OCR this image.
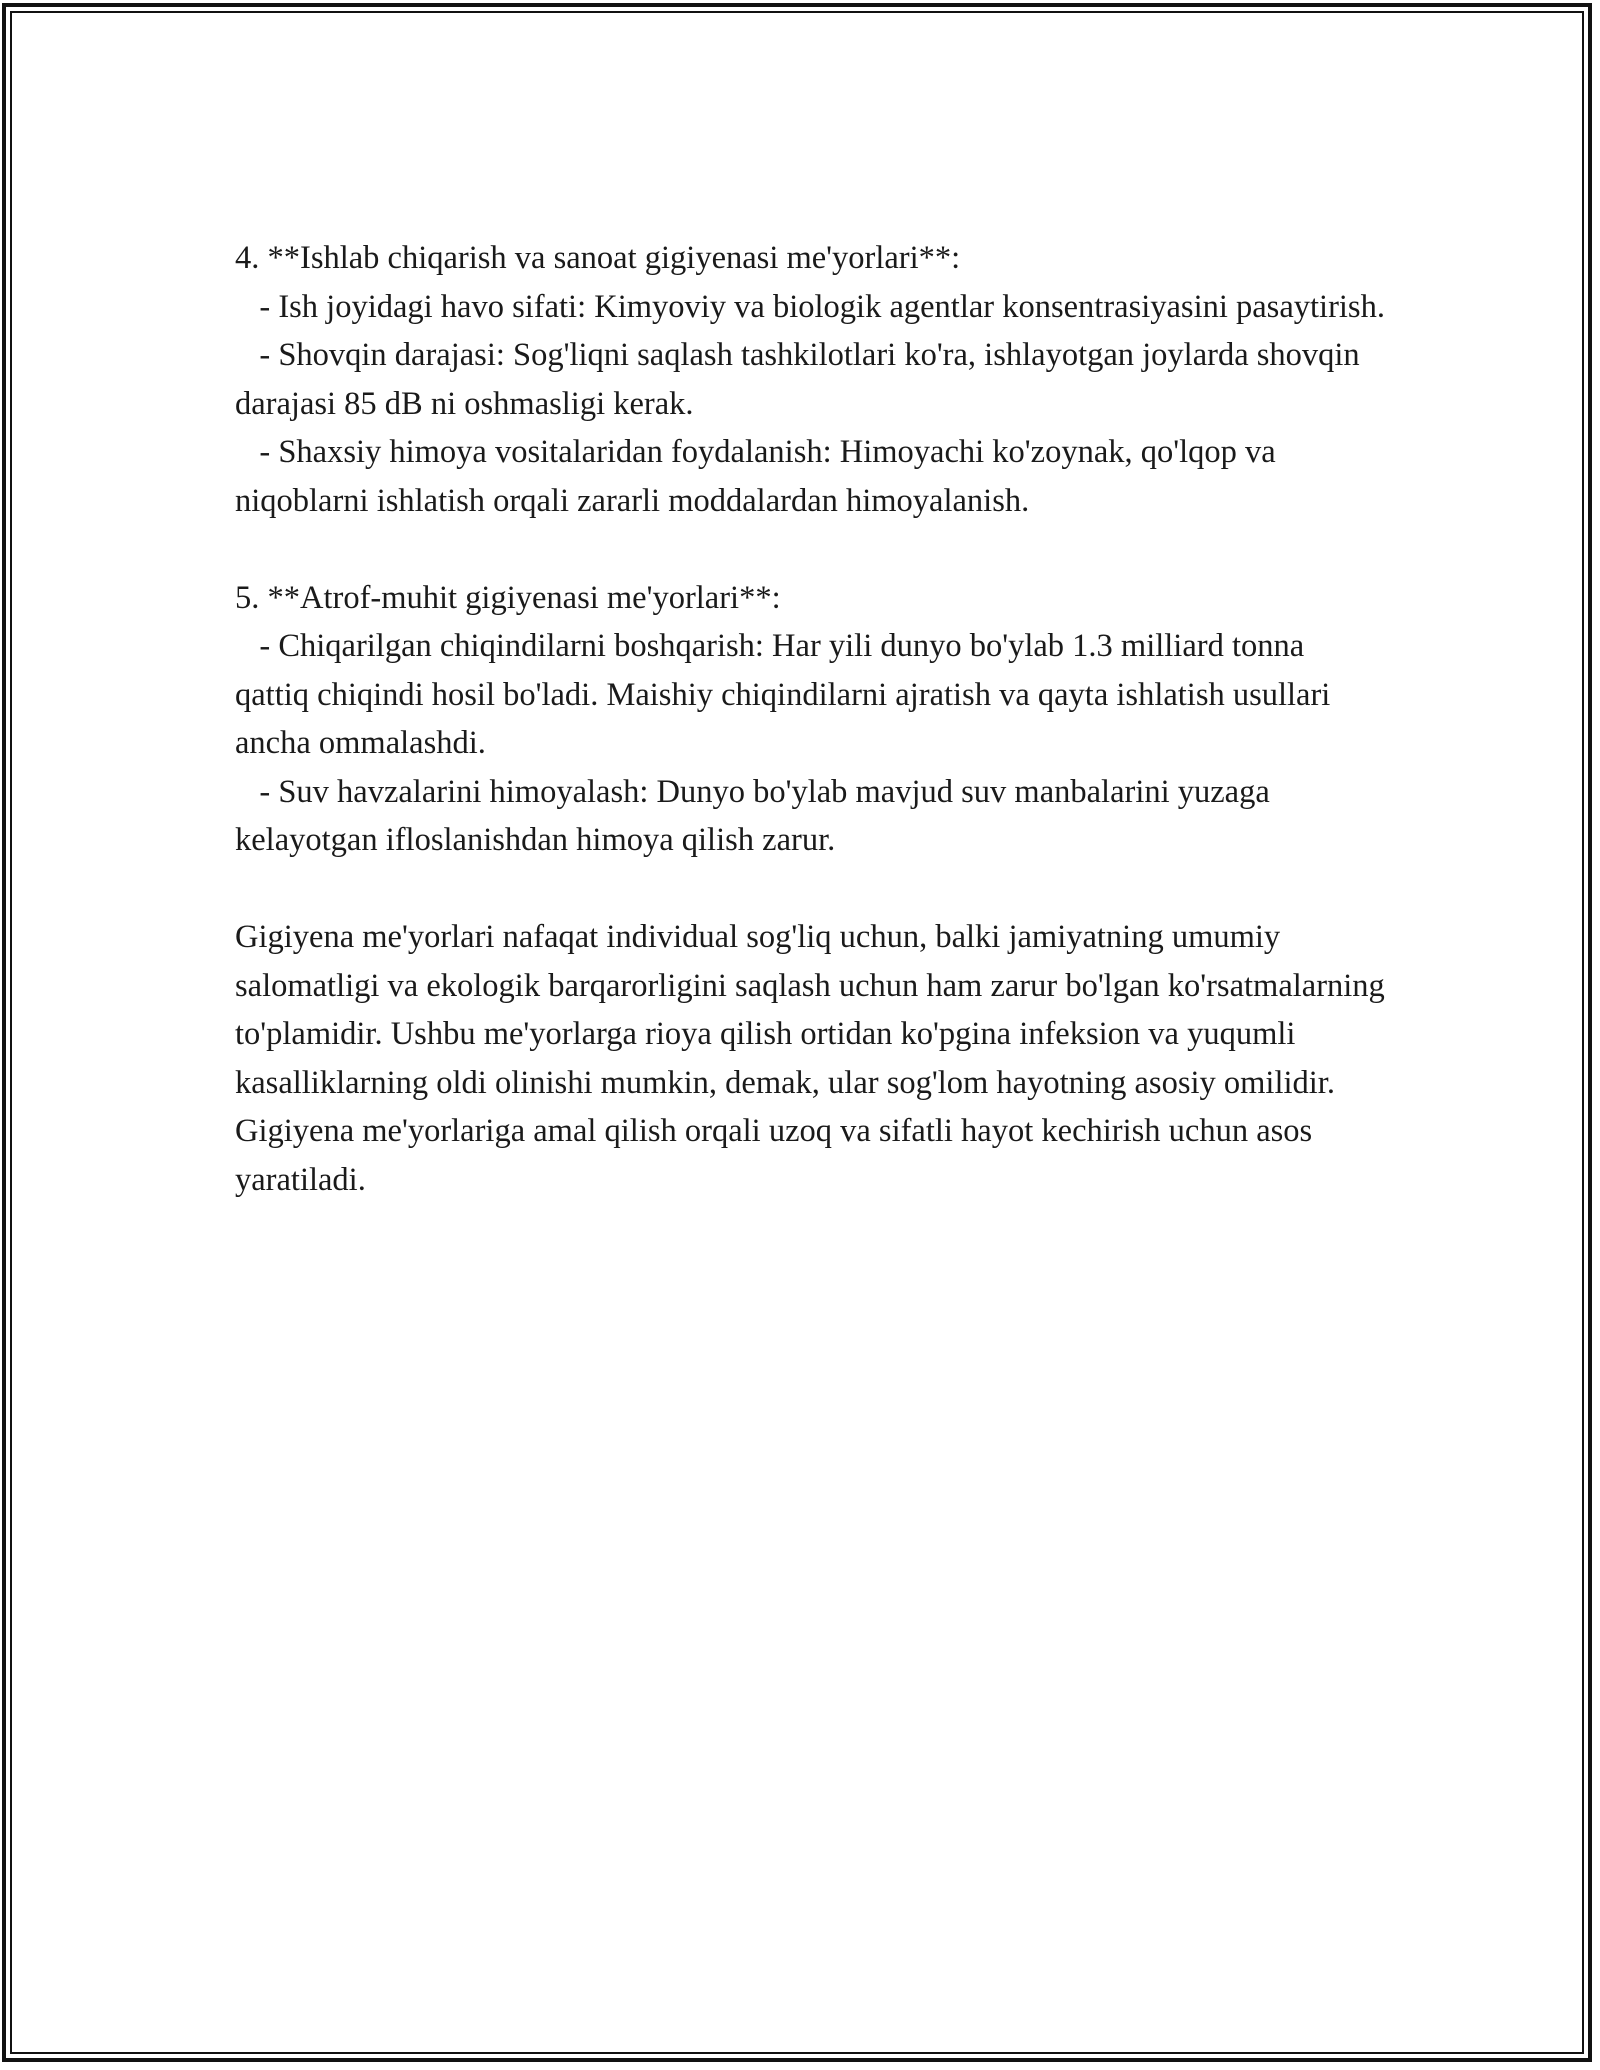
4. **Ishlab chiqarish va sanoat gigiyenasi me'yorlari**:

- Ish joyidagi havo sifati: Kimyoviy va biologik agentlar konsentrasiyasini pasaytirish.

- Shovqin darajasi: Sog'liqni saqlash tashkilotlari ko'ra, ishlayotgan joylarda shovqin darajasi 85 dB ni oshmasligi kerak.

- Shaxsiy himoya vositalaridan foydalanish: Himoyachi ko'zoynak, qo'lqop va niqoblarni ishlatish orqali zararli moddalardan himoyalanish.

5. **Atrof-muhit gigiyenasi me'yorlari**:

- Chiqarilgan chiqindilarni boshqarish: Har yili dunyo bo'ylab 1.3 milliard tonna qattiq chiqindi hosil bo'ladi. Maishiy chiqindilarni ajratish va qayta ishlatish usullari ancha ommalashdi.

- Suv havzalarini himoyalash: Dunyo bo'ylab mavjud suv manbalarini yuzaga kelayotgan ifloslanishdan himoya qilish zarur.

Gigiyena me'yorlari nafaqat individual sog'liq uchun, balki jamiyatning umumiy salomatligi va ekologik barqarorligini saqlash uchun ham zarur bo'lgan ko'rsatmalarning to'plamidir. Ushbu me'yorlarga rioya qilish ortidan ko'pgina infeksion va yuqumli kasalliklarning oldi olinishi mumkin, demak, ular sog'lom hayotning asosiy omilidir. Gigiyena me'yorlariga amal qilish orqali uzoq va sifatli hayot kechirish uchun asos yaratiladi.
